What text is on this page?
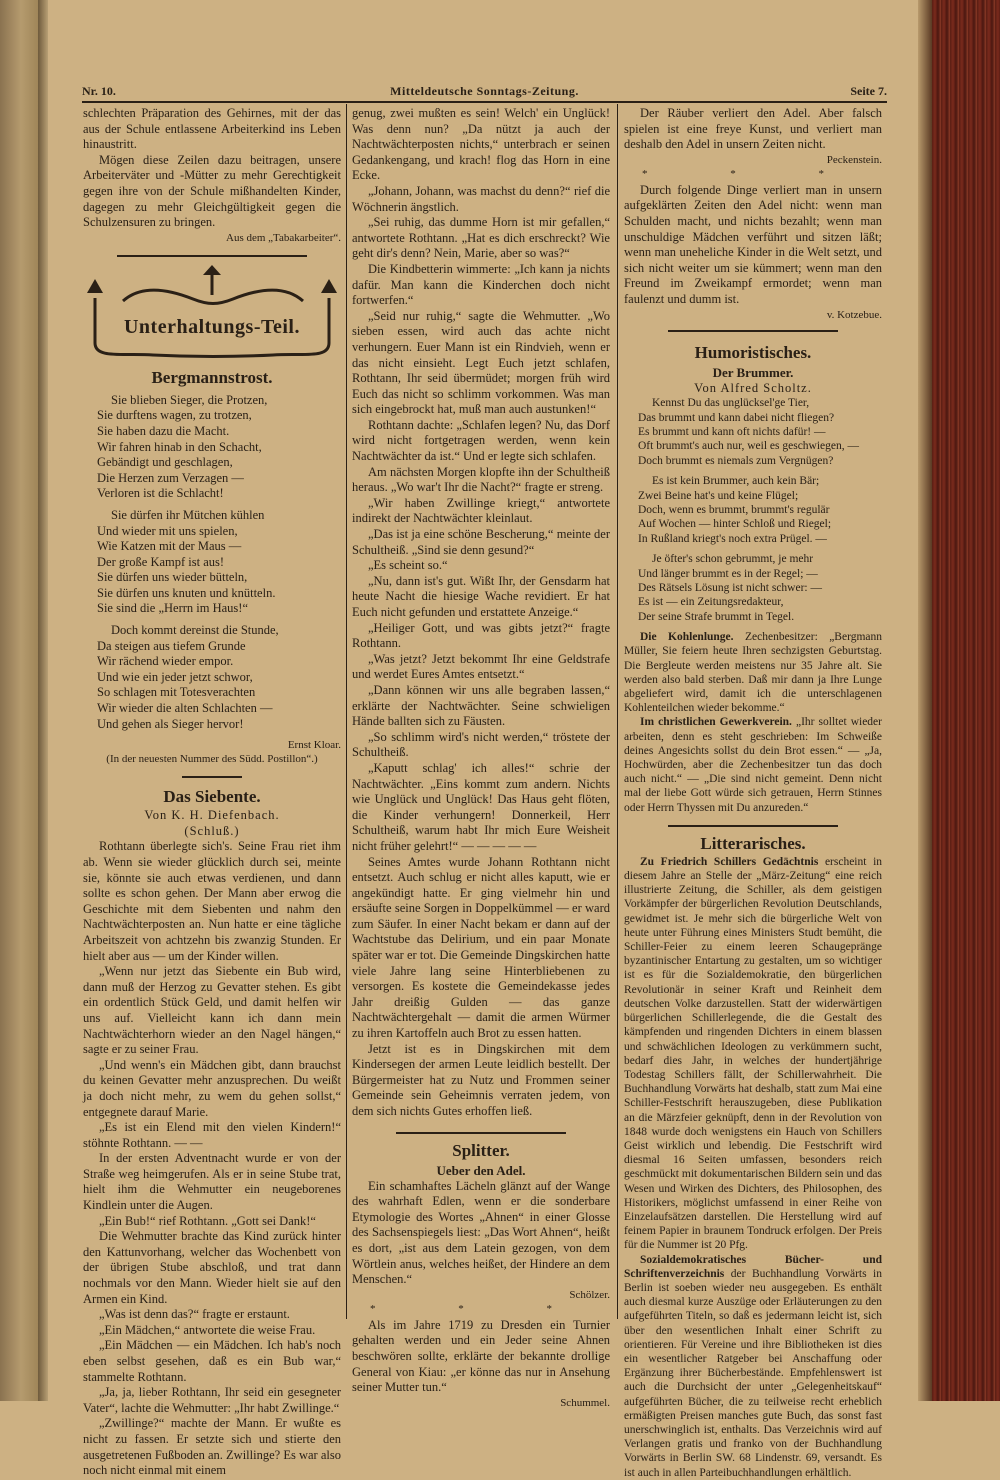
Nr. 10.	Mitteldeutsche Sonntags-Zeitung.	Seite 7.

schlechten Präparation des Gehirnes, mit der das aus der Schule entlassene Arbeiterkind ins Leben hinaustritt.

Mögen diese Zeilen dazu beitragen, unsere Arbeiterväter und -Mütter zu mehr Gerechtigkeit gegen ihre von der Schule mißhandelten Kinder, dagegen zu mehr Gleichgültigkeit gegen die Schulzensuren zu bringen.

Aus dem „Tabakarbeiter“.
Unterhaltungs-Teil.
Bergmannstrost.
Sie blieben Sieger, die Protzen,
Sie durftens wagen, zu trotzen,
Sie haben dazu die Macht.
Wir fahren hinab in den Schacht,
Gebändigt und geschlagen,
Die Herzen zum Verzagen —
Verloren ist die Schlacht!
Sie dürfen ihr Mütchen kühlen
Und wieder mit uns spielen,
Wie Katzen mit der Maus —
Der große Kampf ist aus!
Sie dürfen uns wieder bütteln,
Sie dürfen uns knuten und knütteln.
Sie sind die „Herrn im Haus!“
Doch kommt dereinst die Stunde,
Da steigen aus tiefem Grunde
Wir rächend wieder empor.
Und wie ein jeder jetzt schwor,
So schlagen mit Totesverachten
Wir wieder die alten Schlachten —
Und gehen als Sieger hervor!
Ernst Kloar.
(In der neuesten Nummer des Südd. Postillon“.)
Das Siebente.
Von K. H. Diefenbach.
(Schluß.)

Rothtann überlegte sich's. Seine Frau riet ihm ab. Wenn sie wieder glücklich durch sei, meinte sie, könnte sie auch etwas verdienen, und dann sollte es schon gehen. Der Mann aber erwog die Geschichte mit dem Siebenten und nahm den Nachtwächterposten an. Nun hatte er eine tägliche Arbeitszeit von achtzehn bis zwanzig Stunden. Er hielt aber aus — um der Kinder willen.

„Wenn nur jetzt das Siebente ein Bub wird, dann muß der Herzog zu Gevatter stehen. Es gibt ein ordentlich Stück Geld, und damit helfen wir uns auf. Vielleicht kann ich dann mein Nachtwächterhorn wieder an den Nagel hängen,“ sagte er zu seiner Frau.

„Und wenn's ein Mädchen gibt, dann brauchst du keinen Gevatter mehr anzusprechen. Du weißt ja doch nicht mehr, zu wem du gehen sollst,“ entgegnete darauf Marie.

„Es ist ein Elend mit den vielen Kindern!“ stöhnte Rothtann. — —

In der ersten Adventnacht wurde er von der Straße weg heimgerufen. Als er in seine Stube trat, hielt ihm die Wehmutter ein neugeborenes Kindlein unter die Augen.

„Ein Bub!“ rief Rothtann. „Gott sei Dank!“

Die Wehmutter brachte das Kind zurück hinter den Kattunvorhang, welcher das Wochenbett von der übrigen Stube abschloß, und trat dann nochmals vor den Mann. Wieder hielt sie auf den Armen ein Kind.

„Was ist denn das?“ fragte er erstaunt.

„Ein Mädchen,“ antwortete die weise Frau.

„Ein Mädchen — ein Mädchen. Ich hab's noch eben selbst gesehen, daß es ein Bub war,“ stammelte Rothtann.

„Ja, ja, lieber Rothtann, Ihr seid ein gesegneter Vater“, lachte die Wehmutter: „Ihr habt Zwillinge.“

„Zwillinge?“ machte der Mann. Er wußte es nicht zu fassen. Er setzte sich und stierte den ausgetretenen Fußboden an. Zwillinge? Es war also noch nicht einmal mit einem

genug, zwei mußten es sein! Welch' ein Unglück! Was denn nun? „Da nützt ja auch der Nachtwächterposten nichts,“ unterbrach er seinen Gedankengang, und krach! flog das Horn in eine Ecke.

„Johann, Johann, was machst du denn?“ rief die Wöchnerin ängstlich.

„Sei ruhig, das dumme Horn ist mir gefallen,“ antwortete Rothtann. „Hat es dich erschreckt? Wie geht dir's denn? Nein, Marie, aber so was?“

Die Kindbetterin wimmerte: „Ich kann ja nichts dafür. Man kann die Kinderchen doch nicht fortwerfen.“

„Seid nur ruhig,“ sagte die Wehmutter. „Wo sieben essen, wird auch das achte nicht verhungern. Euer Mann ist ein Rindvieh, wenn er das nicht einsieht. Legt Euch jetzt schlafen, Rothtann, Ihr seid übermüdet; morgen früh wird Euch das nicht so schlimm vorkommen. Was man sich eingebrockt hat, muß man auch austunken!“

Rothtann dachte: „Schlafen legen? Nu, das Dorf wird nicht fortgetragen werden, wenn kein Nachtwächter da ist.“ Und er legte sich schlafen.

Am nächsten Morgen klopfte ihn der Schultheiß heraus. „Wo war't Ihr die Nacht?“ fragte er streng.

„Wir haben Zwillinge kriegt,“ antwortete indirekt der Nachtwächter kleinlaut.

„Das ist ja eine schöne Bescherung,“ meinte der Schultheiß. „Sind sie denn gesund?“

„Es scheint so.“

„Nu, dann ist's gut. Wißt Ihr, der Gensdarm hat heute Nacht die hiesige Wache revidiert. Er hat Euch nicht gefunden und erstattete Anzeige.“

„Heiliger Gott, und was gibts jetzt?“ fragte Rothtann.

„Was jetzt? Jetzt bekommt Ihr eine Geldstrafe und werdet Eures Amtes entsetzt.“

„Dann können wir uns alle begraben lassen,“ erklärte der Nachtwächter. Seine schwieligen Hände ballten sich zu Fäusten.

„So schlimm wird's nicht werden,“ tröstete der Schultheiß.

„Kaputt schlag' ich alles!“ schrie der Nachtwächter. „Eins kommt zum andern. Nichts wie Unglück und Unglück! Das Haus geht flöten, die Kinder verhungern! Donnerkeil, Herr Schultheiß, warum habt Ihr mich Eure Weisheit nicht früher gelehrt!“ — — — — —

Seines Amtes wurde Johann Rothtann nicht entsetzt. Auch schlug er nicht alles kaputt, wie er angekündigt hatte. Er ging vielmehr hin und ersäufte seine Sorgen in Doppelkümmel — er ward zum Säufer. In einer Nacht bekam er dann auf der Wachtstube das Delirium, und ein paar Monate später war er tot. Die Gemeinde Dingskirchen hatte viele Jahre lang seine Hinterbliebenen zu versorgen. Es kostete die Gemeindekasse jedes Jahr dreißig Gulden — das ganze Nachtwächtergehalt — damit die armen Würmer zu ihren Kartoffeln auch Brot zu essen hatten.

Jetzt ist es in Dingskirchen mit dem Kindersegen der armen Leute leidlich bestellt. Der Bürgermeister hat zu Nutz und Frommen seiner Gemeinde sein Geheimnis verraten jedem, von dem sich nichts Gutes erhoffen ließ.

Splitter.
Ueber den Adel.

Ein schamhaftes Lächeln glänzt auf der Wange des wahrhaft Edlen, wenn er die sonderbare Etymologie des Wortes „Ahnen“ in einer Glosse des Sachsenspiegels liest: „Das Wort Ahnen“, heißt es dort, „ist aus dem Latein gezogen, von dem Wörtlein anus, welches heißet, der Hindere an dem Menschen.“

Schölzer.
* * *

Als im Jahre 1719 zu Dresden ein Turnier gehalten werden und ein Jeder seine Ahnen beschwören sollte, erklärte der bekannte drollige General von Kiau: „er könne das nur in Ansehung seiner Mutter tun.“

Schummel.

Der Räuber verliert den Adel. Aber falsch spielen ist eine freye Kunst, und verliert man deshalb den Adel in unsern Zeiten nicht.

Peckenstein.
* * *

Durch folgende Dinge verliert man in unsern aufgeklärten Zeiten den Adel nicht: wenn man Schulden macht, und nichts bezahlt; wenn man unschuldige Mädchen verführt und sitzen läßt; wenn man uneheliche Kinder in die Welt setzt, und sich nicht weiter um sie kümmert; wenn man den Freund im Zweikampf ermordet; wenn man faulenzt und dumm ist.

v. Kotzebue.
Humoristisches.
Der Brummer.
Von Alfred Scholtz.
Kennst Du das unglücksel'ge Tier,
Das brummt und kann dabei nicht fliegen?
Es brummt und kann oft nichts dafür! —
Oft brummt's auch nur, weil es geschwiegen, —
Doch brummt es niemals zum Vergnügen?
Es ist kein Brummer, auch kein Bär;
Zwei Beine hat's und keine Flügel;
Doch, wenn es brummt, brummt's regulär
Auf Wochen — hinter Schloß und Riegel;
In Rußland kriegt's noch extra Prügel. —
Je öfter's schon gebrummt, je mehr
Und länger brummt es in der Regel; —
Des Rätsels Lösung ist nicht schwer: —
Es ist — ein Zeitungsredakteur,
Der seine Strafe brummt in Tegel.

Die Kohlenlunge. Zechenbesitzer: „Bergmann Müller, Sie feiern heute Ihren sechzigsten Geburtstag. Die Bergleute werden meistens nur 35 Jahre alt. Sie werden also bald sterben. Daß mir dann ja Ihre Lunge abgeliefert wird, damit ich die unterschlagenen Kohlenteilchen wieder bekomme.“

Im christlichen Gewerkverein. „Ihr solltet wieder arbeiten, denn es steht geschrieben: Im Schweiße deines Angesichts sollst du dein Brot essen.“ — „Ja, Hochwürden, aber die Zechenbesitzer tun das doch auch nicht.“ — „Die sind nicht gemeint. Denn nicht mal der liebe Gott würde sich getrauen, Herrn Stinnes oder Herrn Thyssen mit Du anzureden.“

Litterarisches.

Zu Friedrich Schillers Gedächtnis erscheint in diesem Jahre an Stelle der „März-Zeitung“ eine reich illustrierte Zeitung, die Schiller, als dem geistigen Vorkämpfer der bürgerlichen Revolution Deutschlands, gewidmet ist. Je mehr sich die bürgerliche Welt von heute unter Führung eines Ministers Studt bemüht, die Schiller-Feier zu einem leeren Schaugepränge byzantinischer Entartung zu gestalten, um so wichtiger ist es für die Sozialdemokratie, den bürgerlichen Revolutionär in seiner Kraft und Reinheit dem deutschen Volke darzustellen. Statt der widerwärtigen bürgerlichen Schillerlegende, die die Gestalt des kämpfenden und ringenden Dichters in einem blassen und schwächlichen Ideologen zu verkümmern sucht, bedarf dies Jahr, in welches der hundertjährige Todestag Schillers fällt, der Schillerwahrheit. Die Buchhandlung Vorwärts hat deshalb, statt zum Mai eine Schiller-Festschrift herauszugeben, diese Publikation an die Märzfeier geknüpft, denn in der Revolution von 1848 wurde doch wenigstens ein Hauch von Schillers Geist wirklich und lebendig. Die Festschrift wird diesmal 16 Seiten umfassen, besonders reich geschmückt mit dokumentarischen Bildern sein und das Wesen und Wirken des Dichters, des Philosophen, des Historikers, möglichst umfassend in einer Reihe von Einzelaufsätzen darstellen. Die Herstellung wird auf feinem Papier in braunem Tondruck erfolgen. Der Preis für die Nummer ist 20 Pfg.

Sozialdemokratisches Bücher- und Schriftenverzeichnis der Buchhandlung Vorwärts in Berlin ist soeben wieder neu ausgegeben. Es enthält auch diesmal kurze Auszüge oder Erläuterungen zu den aufgeführten Titeln, so daß es jedermann leicht ist, sich über den wesentlichen Inhalt einer Schrift zu orientieren. Für Vereine und ihre Bibliotheken ist dies ein wesentlicher Ratgeber bei Anschaffung oder Ergänzung ihrer Bücherbestände. Empfehlenswert ist auch die Durchsicht der unter „Gelegenheitskauf“ aufgeführten Bücher, die zu teilweise recht erheblich ermäßigten Preisen manches gute Buch, das sonst fast unerschwinglich ist, enthalts. Das Verzeichnis wird auf Verlangen gratis und franko von der Buchhandlung Vorwärts in Berlin SW. 68 Lindenstr. 69, versandt. Es ist auch in allen Parteibuchhandlungen erhältlich.
